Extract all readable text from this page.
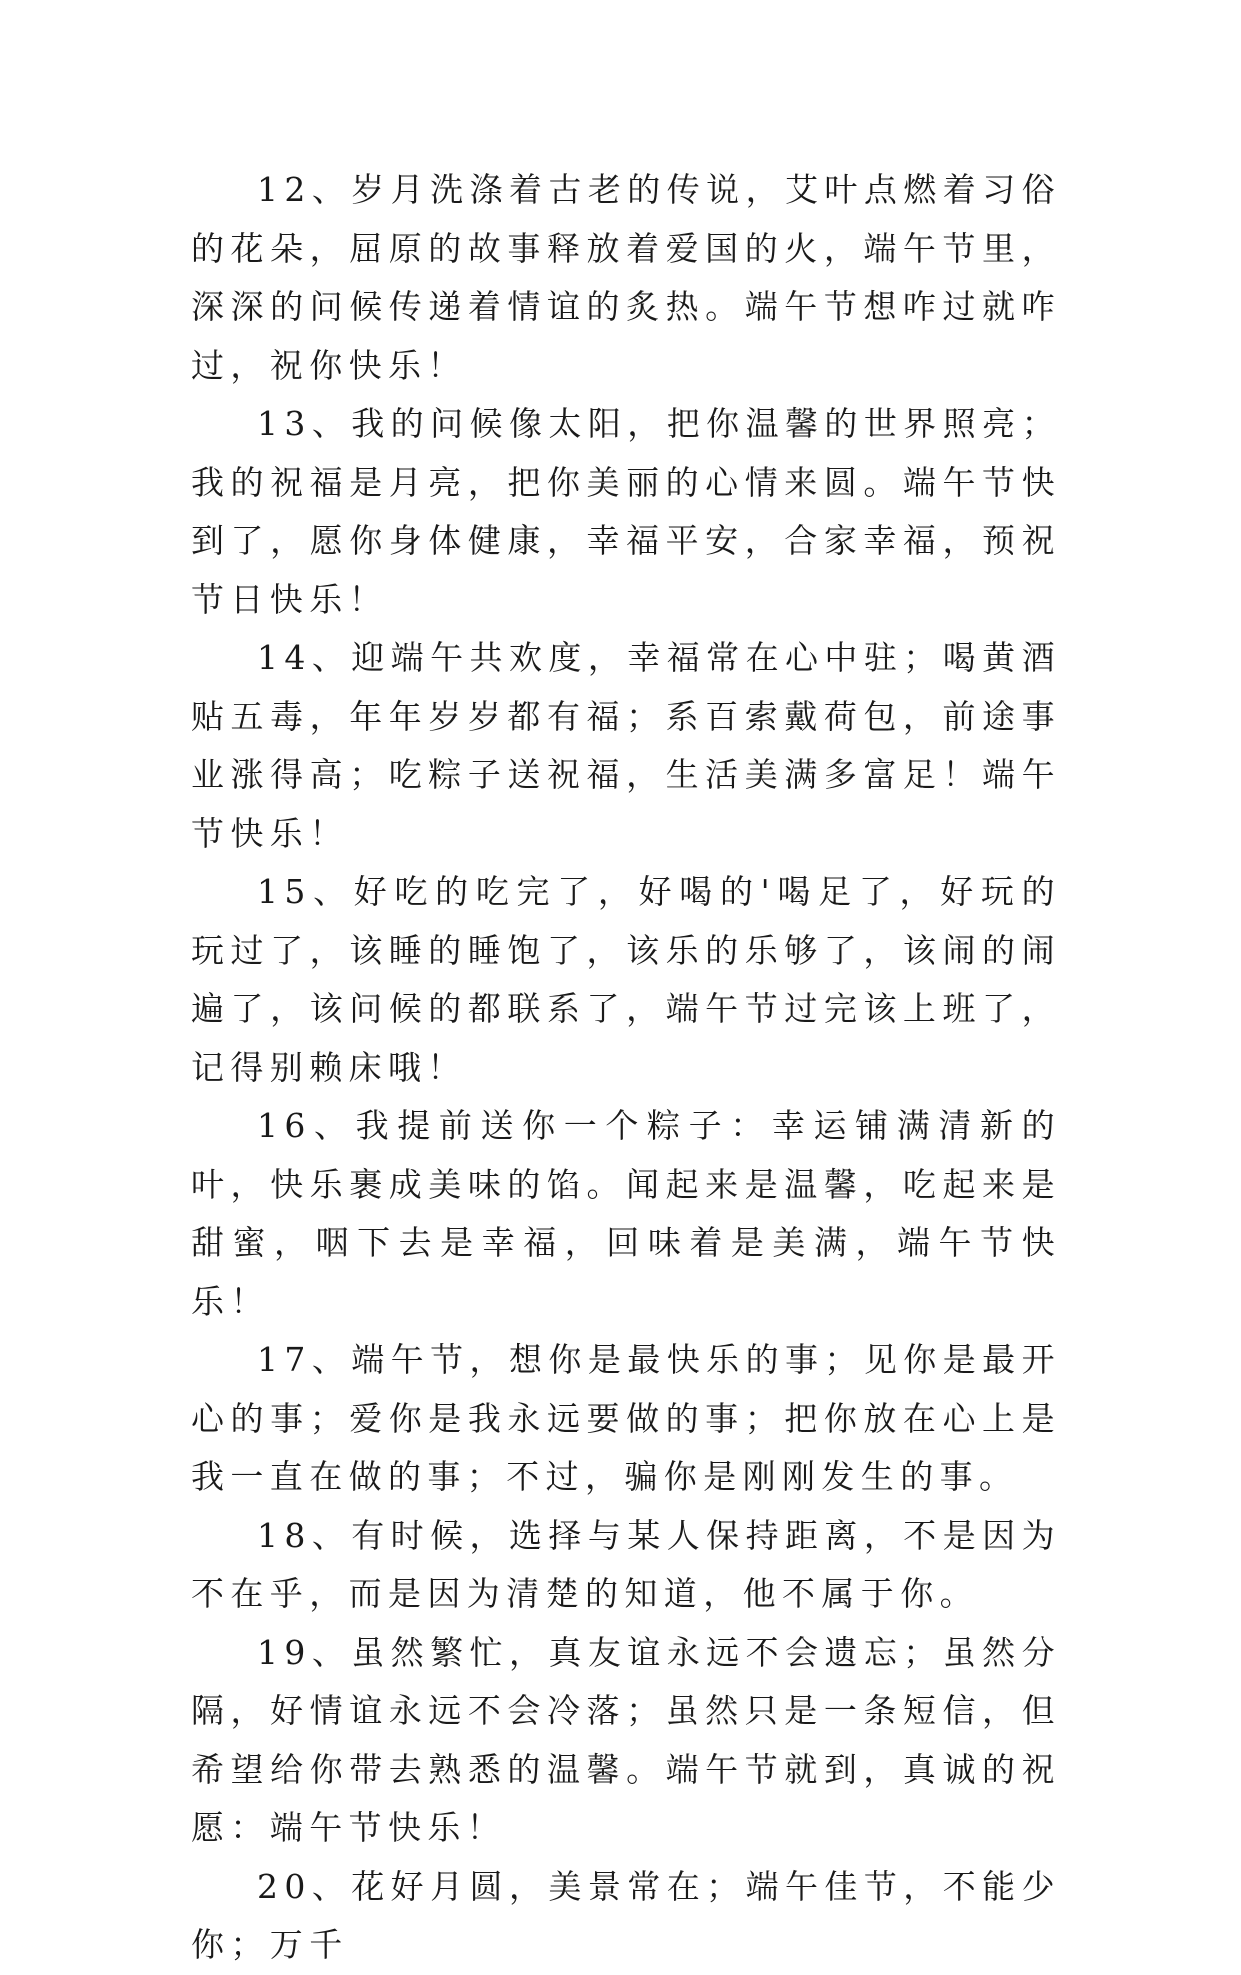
12、岁月洗涤着古老的传说，艾叶点燃着习俗的花朵，屈原的故事释放着爱国的火，端午节里，深深的问候传递着情谊的炙热。端午节想咋过就咋过，祝你快乐！

13、我的问候像太阳，把你温馨的世界照亮；我的祝福是月亮，把你美丽的心情来圆。端午节快到了，愿你身体健康，幸福平安，合家幸福，预祝节日快乐！

14、迎端午共欢度，幸福常在心中驻；喝黄酒贴五毒，年年岁岁都有福；系百索戴荷包，前途事业涨得高；吃粽子送祝福，生活美满多富足！端午节快乐！

15、好吃的吃完了，好喝的'喝足了，好玩的玩过了，该睡的睡饱了，该乐的乐够了，该闹的闹遍了，该问候的都联系了，端午节过完该上班了，记得别赖床哦！

16、我提前送你一个粽子：幸运铺满清新的叶，快乐裹成美味的馅。闻起来是温馨，吃起来是甜蜜，咽下去是幸福，回味着是美满，端午节快乐！

17、端午节，想你是最快乐的事；见你是最开心的事；爱你是我永远要做的事；把你放在心上是我一直在做的事；不过，骗你是刚刚发生的事。

18、有时候，选择与某人保持距离，不是因为不在乎，而是因为清楚的知道，他不属于你。

19、虽然繁忙，真友谊永远不会遗忘；虽然分隔，好情谊永远不会冷落；虽然只是一条短信，但希望给你带去熟悉的温馨。端午节就到，真诚的祝愿：端午节快乐！

20、花好月圆，美景常在；端午佳节，不能少你；万千
